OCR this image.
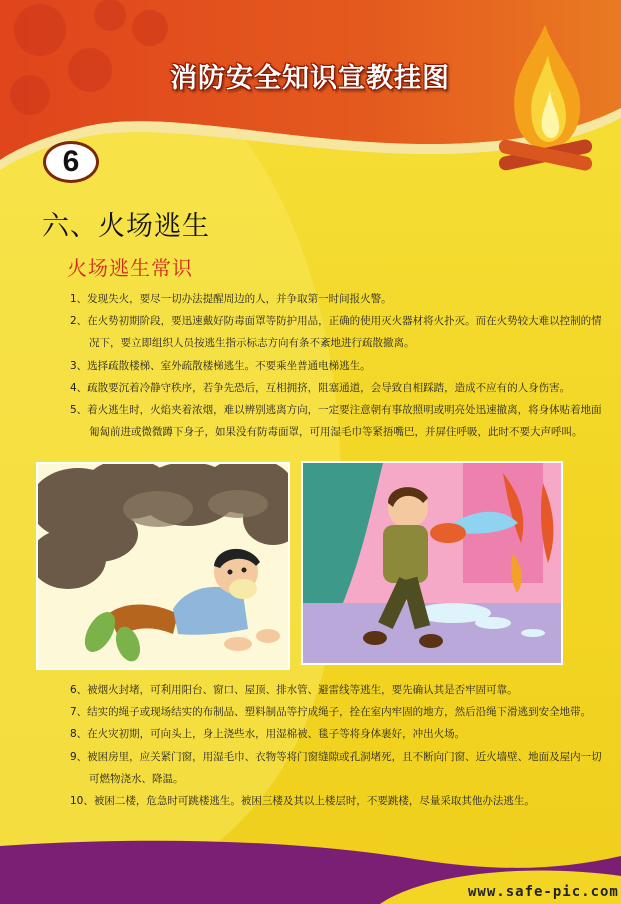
消防安全知识宣教挂图
6
六、火场逃生
火场逃生常识
1、发现失火，要尽一切办法提醒周边的人，并争取第一时间报火警。
2、在火势初期阶段，要迅速戴好防毒面罩等防护用品，正确的使用灭火器材将火扑灭。而在火势较大难以控制的情
况下，要立即组织人员按逃生指示标志方向有条不紊地进行疏散撤离。
3、选择疏散楼梯、室外疏散楼梯逃生。不要乘坐普通电梯逃生。
4、疏散要沉着冷静守秩序，若争先恐后，互相拥挤，阻塞通道，会导致自相踩踏，造成不应有的人身伤害。
5、着火逃生时，火焰夹着浓烟，难以辨别逃离方向，一定要注意朝有事故照明或明亮处迅速撤离，将身体贴着地面
匍匐前进或微微蹲下身子，如果没有防毒面罩，可用湿毛巾等紧捂嘴巴，并屏住呼吸，此时不要大声呼叫。
6、被烟火封堵，可利用阳台、窗口、屋顶、排水管、避雷线等逃生，要先确认其是否牢固可靠。
7、结实的绳子或现场结实的布制品、塑料制品等拧成绳子，拴在室内牢固的地方，然后沿绳下滑逃到安全地带。
8、在火灾初期，可向头上，身上浇些水，用湿棉被、毯子等将身体裹好，冲出火场。
9、被困房里，应关紧门窗，用湿毛巾、衣物等将门窗缝隙或孔洞堵死，且不断向门窗、近火墙壁、地面及屋内一切
可燃物浇水、降温。
10、被困二楼，危急时可跳楼逃生。被困三楼及其以上楼层时，不要跳楼，尽量采取其他办法逃生。
www.safe-pic.com
